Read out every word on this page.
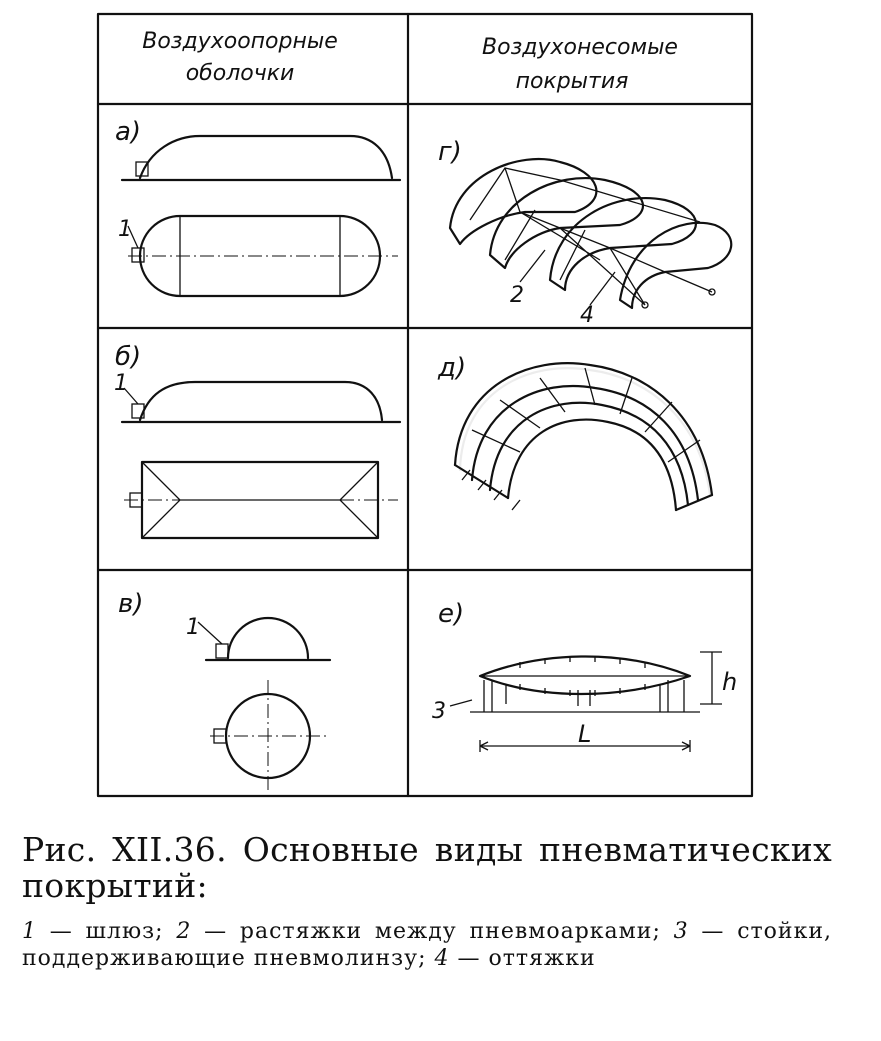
Воздухоопорные
оболочки
Воздухонесомые
покрытия
а)
б)
в)
г)
д)
е)
1
1
1
2
4
3
h
L
Рис. XII.36. Основные виды пневматических покрытий:
1 — шлюз; 2 — растяжки между пневмоарками; 3 — стойки, поддерживающие пневмолинзу; 4 — оттяжки
